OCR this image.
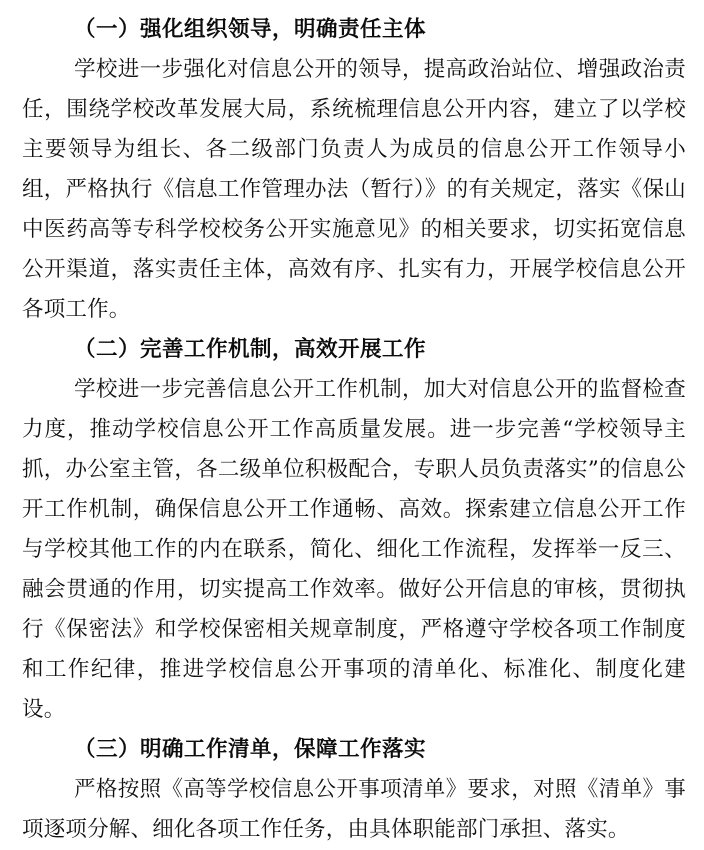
（一）强化组织领导，明确责任主体

学校进一步强化对信息公开的领导，提高政治站位、增强政治责任，围绕学校改革发展大局，系统梳理信息公开内容，建立了以学校主要领导为组长、各二级部门负责人为成员的信息公开工作领导小组，严格执行《信息工作管理办法（暂行）》的有关规定，落实《保山中医药高等专科学校校务公开实施意见》的相关要求，切实拓宽信息公开渠道，落实责任主体，高效有序、扎实有力，开展学校信息公开各项工作。

（二）完善工作机制，高效开展工作

学校进一步完善信息公开工作机制，加大对信息公开的监督检查力度，推动学校信息公开工作高质量发展。进一步完善“学校领导主抓，办公室主管，各二级单位积极配合，专职人员负责落实”的信息公开工作机制，确保信息公开工作通畅、高效。探索建立信息公开工作与学校其他工作的内在联系，简化、细化工作流程，发挥举一反三、融会贯通的作用，切实提高工作效率。做好公开信息的审核，贯彻执行《保密法》和学校保密相关规章制度，严格遵守学校各项工作制度和工作纪律，推进学校信息公开事项的清单化、标准化、制度化建设。

（三）明确工作清单，保障工作落实

严格按照《高等学校信息公开事项清单》要求，对照《清单》事项逐项分解、细化各项工作任务，由具体职能部门承担、落实。
